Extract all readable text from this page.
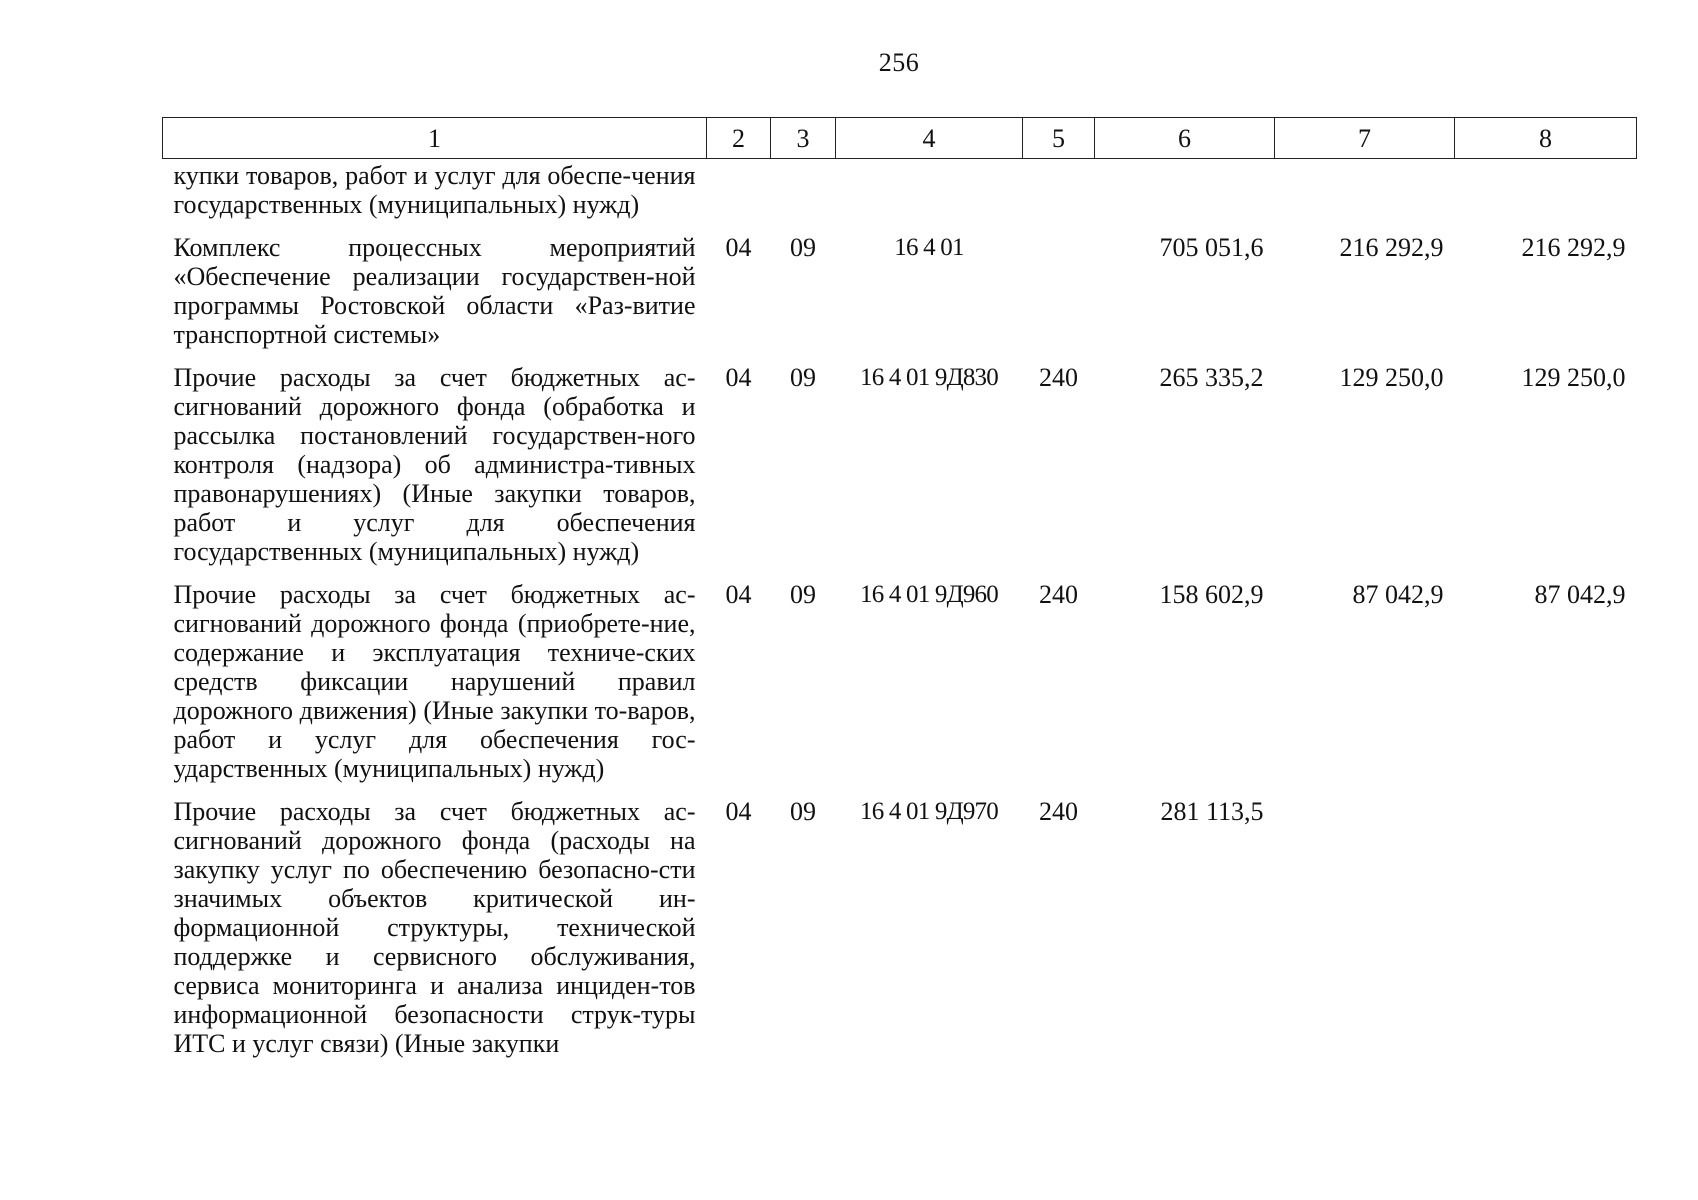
256
1	2	3	4	5	6	7	8
купки товаров, работ и услуг для обеспе-чения государственных (муниципальных) нужд)							
Комплекс процессных мероприятий «Обеспечение реализации государствен-ной программы Ростовской области «Раз-витие транспортной системы»	04	09	16 4 01		705 051,6	216 292,9	216 292,9
Прочие расходы за счет бюджетных ас-сигнований дорожного фонда (обработка и рассылка постановлений государствен-ного контроля (надзора) об администра-тивных правонарушениях) (Иные закупки товаров, работ и услуг для обеспечения государственных (муниципальных) нужд)	04	09	16 4 01 9Д830	240	265 335,2	129 250,0	129 250,0
Прочие расходы за счет бюджетных ас-сигнований дорожного фонда (приобрете-ние, содержание и эксплуатация техниче-ских средств фиксации нарушений правил дорожного движения) (Иные закупки то-варов, работ и услуг для обеспечения гос-ударственных (муниципальных) нужд)	04	09	16 4 01 9Д960	240	158 602,9	87 042,9	87 042,9
Прочие расходы за счет бюджетных ас-сигнований дорожного фонда (расходы на закупку услуг по обеспечению безопасно-сти значимых объектов критической ин-формационной структуры, технической поддержке и сервисного обслуживания, сервиса мониторинга и анализа инциден-тов информационной безопасности струк-туры ИТС и услуг связи) (Иные закупки	04	09	16 4 01 9Д970	240	281 113,5		
